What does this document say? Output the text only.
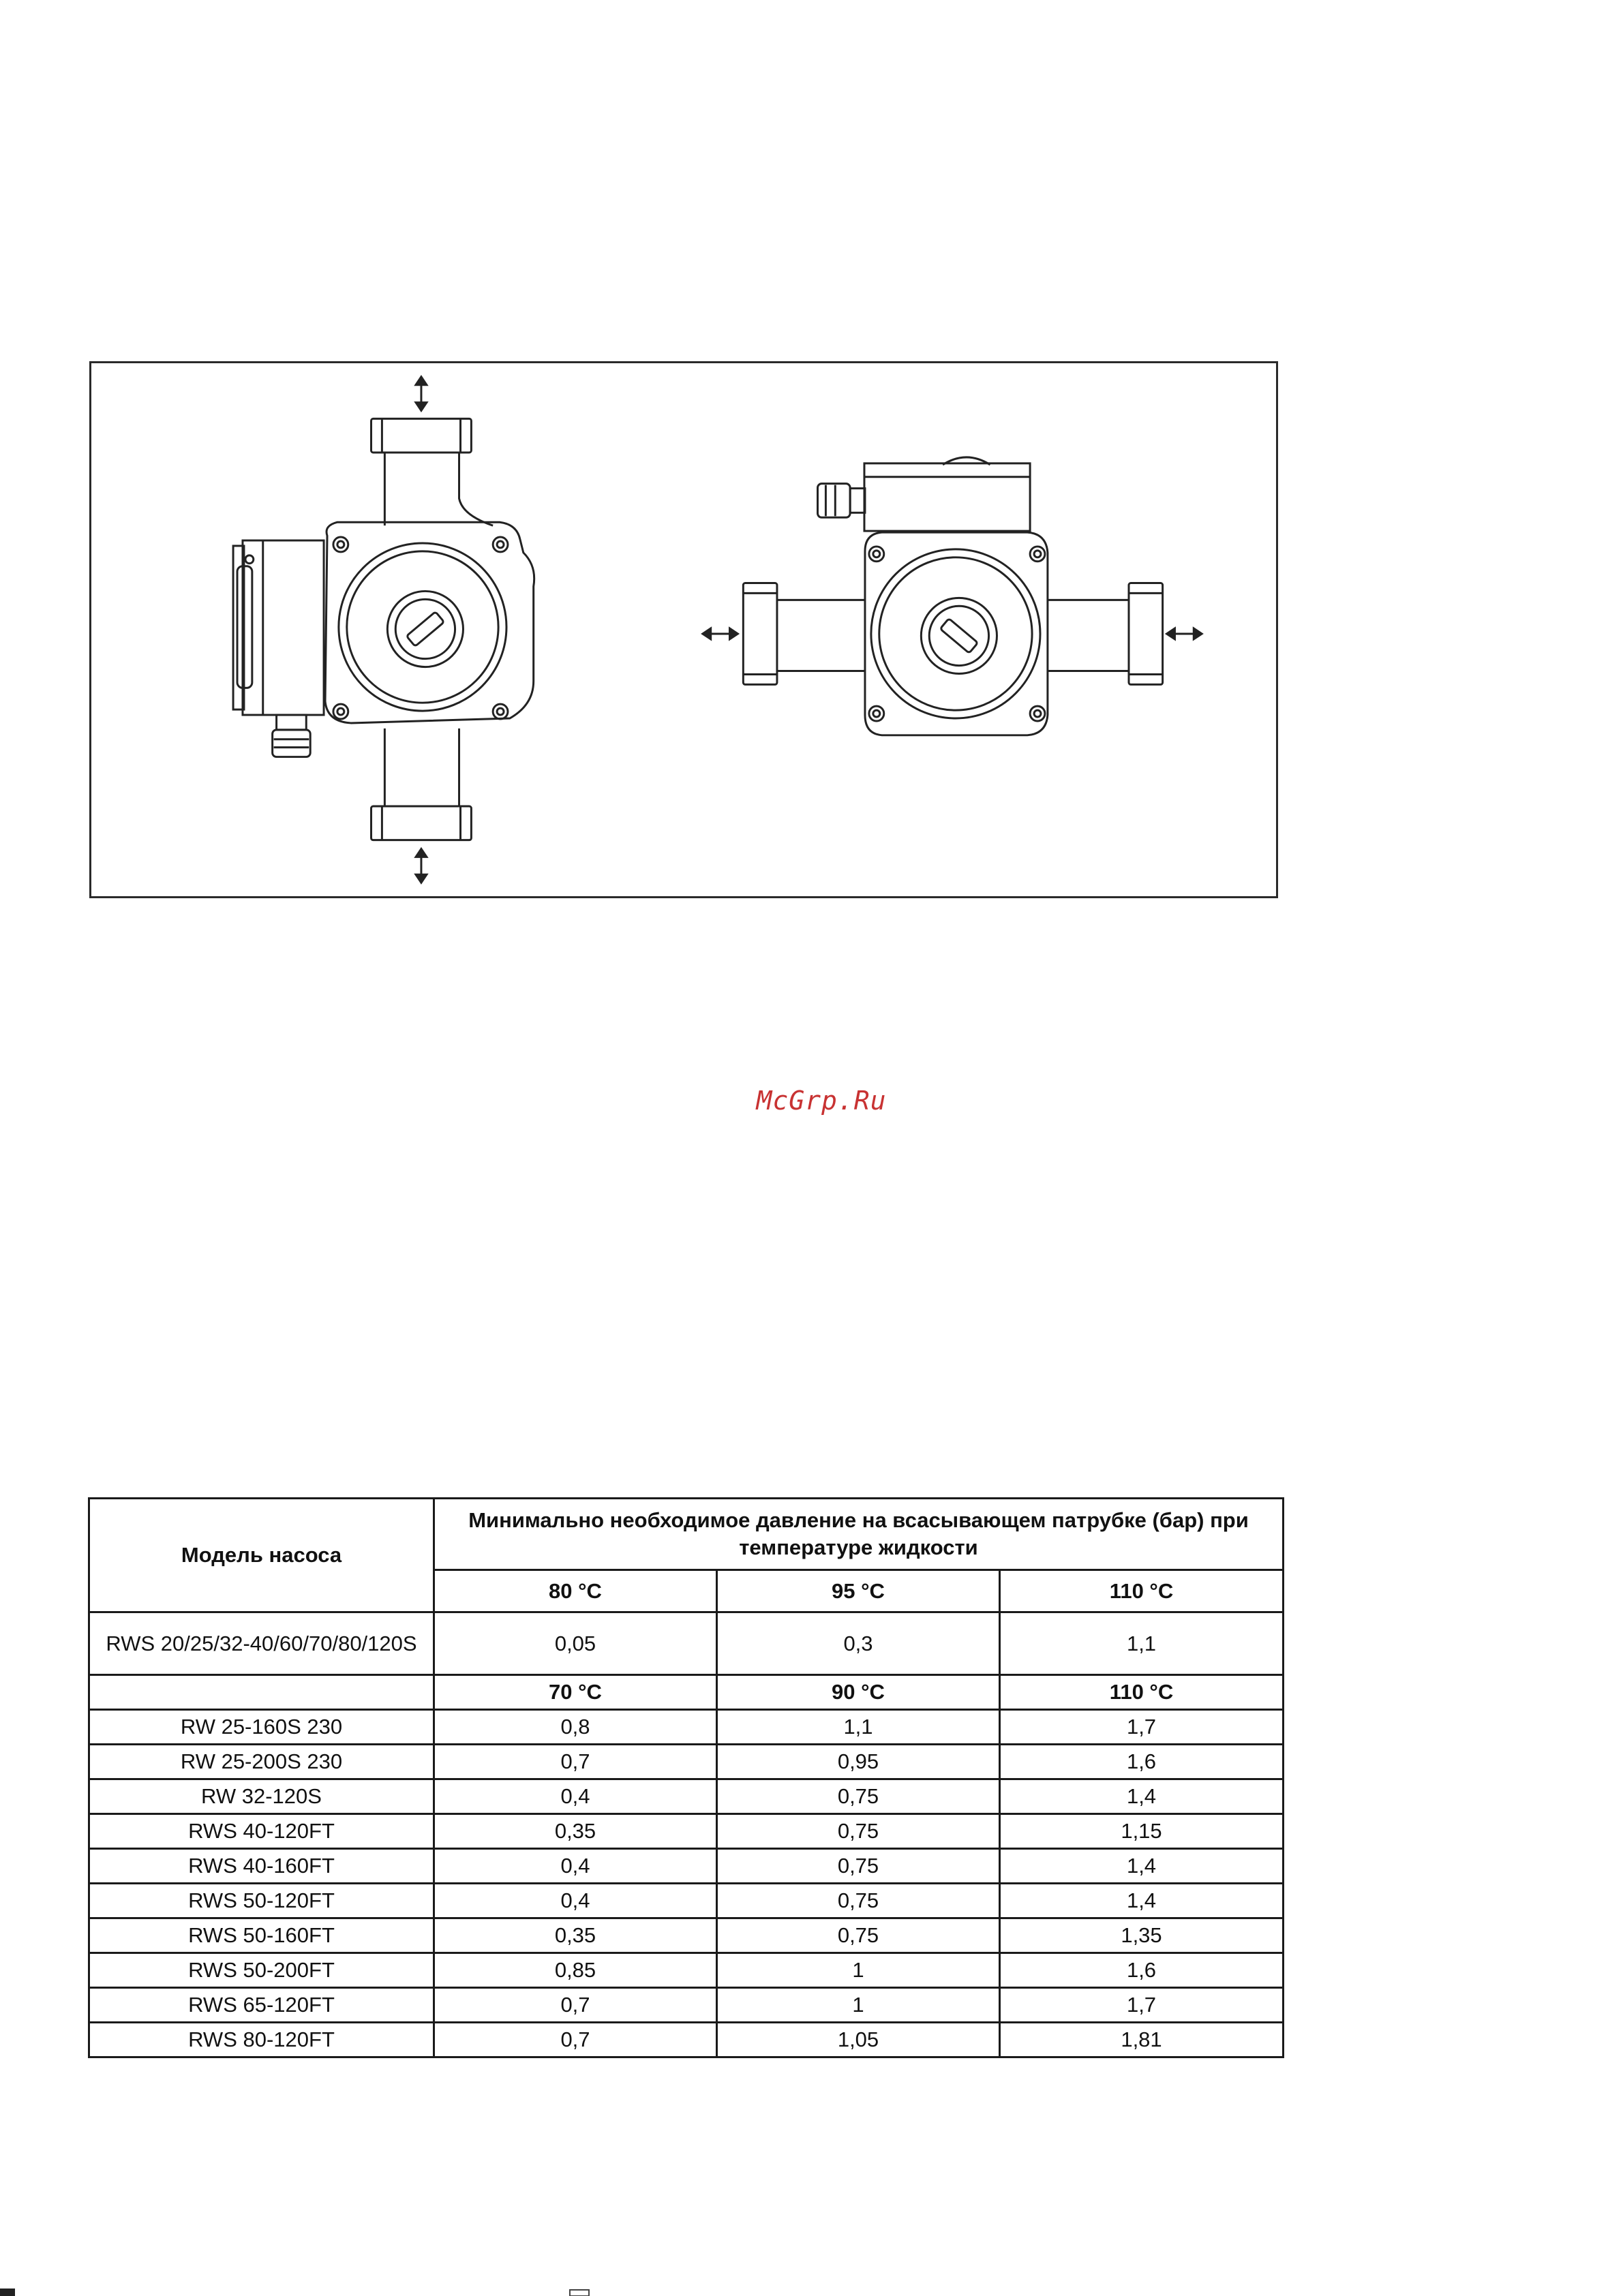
McGrp.Ru
Модель насоса	Минимально необходимое давление на всасывающем патрубке (бар) при температуре жидкости		
	80 °C	95 °C	110 °C
RWS 20/25/32-40/60/70/80/120S	0,05	0,3	1,1
	70 °C	90 °C	110 °C
RW 25-160S 230	0,8	1,1	1,7
RW 25-200S 230	0,7	0,95	1,6
RW 32-120S	0,4	0,75	1,4
RWS 40-120FT	0,35	0,75	1,15
RWS 40-160FT	0,4	0,75	1,4
RWS 50-120FT	0,4	0,75	1,4
RWS 50-160FT	0,35	0,75	1,35
RWS 50-200FT	0,85	1	1,6
RWS 65-120FT	0,7	1	1,7
RWS 80-120FT	0,7	1,05	1,81
